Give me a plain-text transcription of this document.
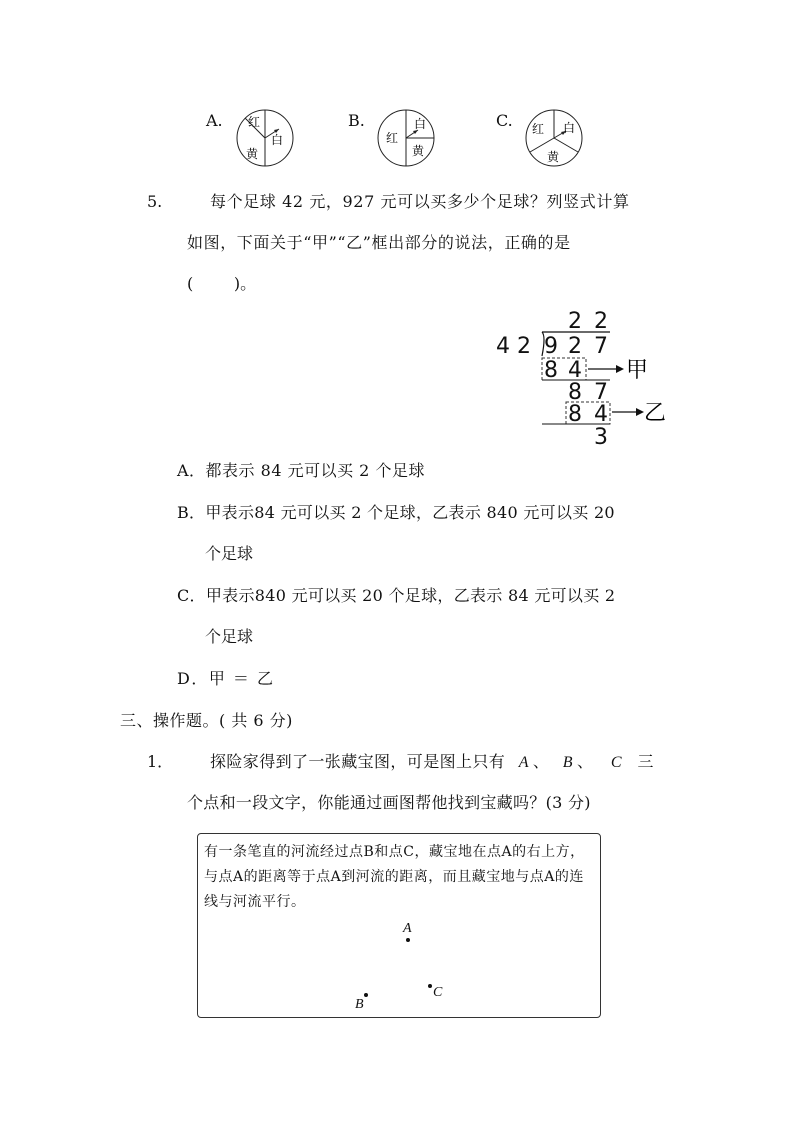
A. 红
白
黄
B.
红
白
黄
C. 红 白
黄
5.	每个足球 42 元，927 元可以买多少个足球？列竖式计算
如图，下面关于“甲”“乙”框出部分的说法，正确的是
(        )。
2 2
4 2 9 2 7
8 4
8 7
8 4
3
甲
乙
A．都表示 84 元可以买 2 个足球
B．甲表示84 元可以买 2 个足球，乙表示 840 元可以买 20
个足球
C．甲表示840 元可以买 20 个足球，乙表示 84 元可以买 2
个足球
D．甲 ＝ 乙
三、操作题。( 共 6 分)
1． 探险家得到了一张藏宝图，可是图上只有 A 、 B 、 C 三
个点和一段文字，你能通过画图帮他找到宝藏吗？(3 分)
有一条笔直的河流经过点B和点C，藏宝地在点A的右上方，与点A的距离等于点A到河流的距离，而且藏宝地与点A的连线与河流平行。
A
B
C
